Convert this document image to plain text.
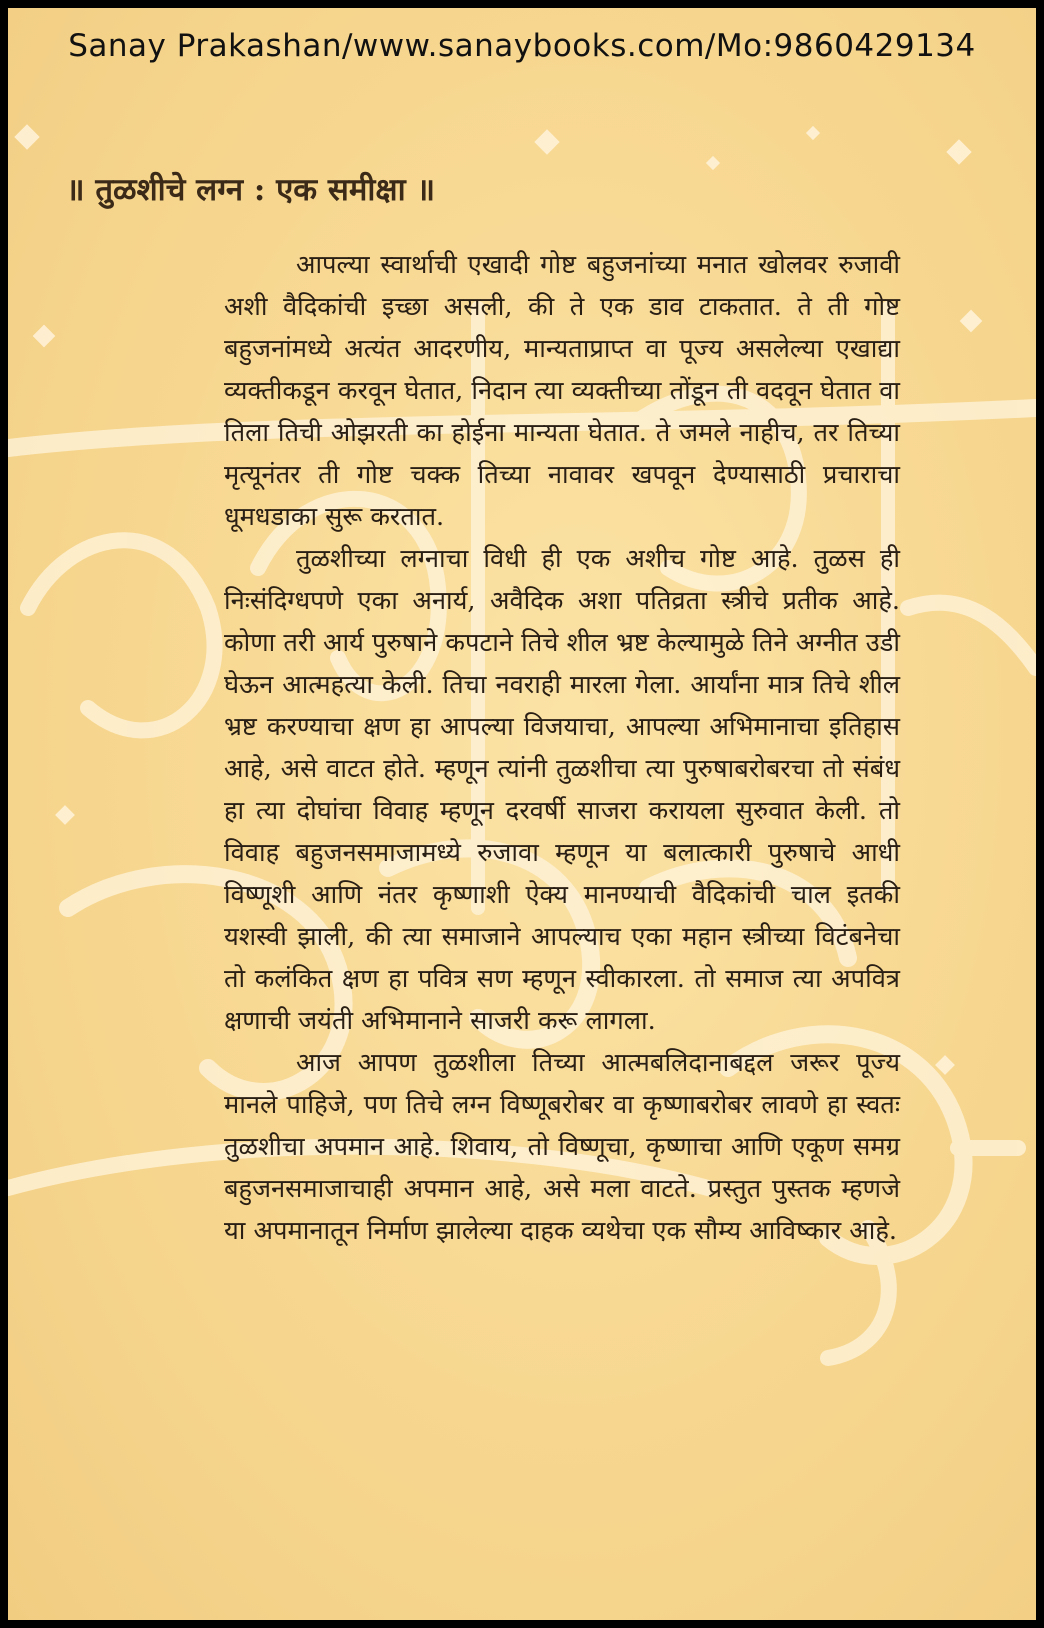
Sanay Prakashan/www.sanaybooks.com/Mo:9860429134
॥ तुळशीचे लग्न : एक समीक्षा ॥

आपल्या स्वार्थाची एखादी गोष्ट बहुजनांच्या मनात खोलवर रुजावी अशी वैदिकांची इच्छा असली, की ते एक डाव टाकतात. ते ती गोष्ट बहुजनांमध्ये अत्यंत आदरणीय, मान्यताप्राप्त वा पूज्य असलेल्या एखाद्या व्यक्तीकडून करवून घेतात, निदान त्या व्यक्तीच्या तोंडून ती वदवून घेतात वा तिला तिची ओझरती का होईना मान्यता घेतात. ते जमले नाहीच, तर तिच्या मृत्यूनंतर ती गोष्ट चक्क तिच्या नावावर खपवून देण्यासाठी प्रचाराचा धूमधडाका सुरू करतात.

तुळशीच्या लग्नाचा विधी ही एक अशीच गोष्ट आहे. तुळस ही निःसंदिग्धपणे एका अनार्य, अवैदिक अशा पतिव्रता स्त्रीचे प्रतीक आहे. कोणा तरी आर्य पुरुषाने कपटाने तिचे शील भ्रष्ट केल्यामुळे तिने अग्नीत उडी घेऊन आत्महत्या केली. तिचा नवराही मारला गेला. आर्यांना मात्र तिचे शील भ्रष्ट करण्याचा क्षण हा आपल्या विजयाचा, आपल्या अभिमानाचा इतिहास आहे, असे वाटत होते. म्हणून त्यांनी तुळशीचा त्या पुरुषाबरोबरचा तो संबंध हा त्या दोघांचा विवाह म्हणून दरवर्षी साजरा करायला सुरुवात केली. तो विवाह बहुजनसमाजामध्ये रुजावा म्हणून या बलात्कारी पुरुषाचे आधी विष्णूशी आणि नंतर कृष्णाशी ऐक्य मानण्याची वैदिकांची चाल इतकी यशस्वी झाली, की त्या समाजाने आपल्याच एका महान स्त्रीच्या विटंबनेचा तो कलंकित क्षण हा पवित्र सण म्हणून स्वीकारला. तो समाज त्या अपवित्र क्षणाची जयंती अभिमानाने साजरी करू लागला.

आज आपण तुळशीला तिच्या आत्मबलिदानाबद्दल जरूर पूज्य मानले पाहिजे, पण तिचे लग्न विष्णूबरोबर वा कृष्णाबरोबर लावणे हा स्वतः तुळशीचा अपमान आहे. शिवाय, तो विष्णूचा, कृष्णाचा आणि एकूण समग्र बहुजनसमाजाचाही अपमान आहे, असे मला वाटते. प्रस्तुत पुस्तक म्हणजे या अपमानातून निर्माण झालेल्या दाहक व्यथेचा एक सौम्य आविष्कार आहे.
